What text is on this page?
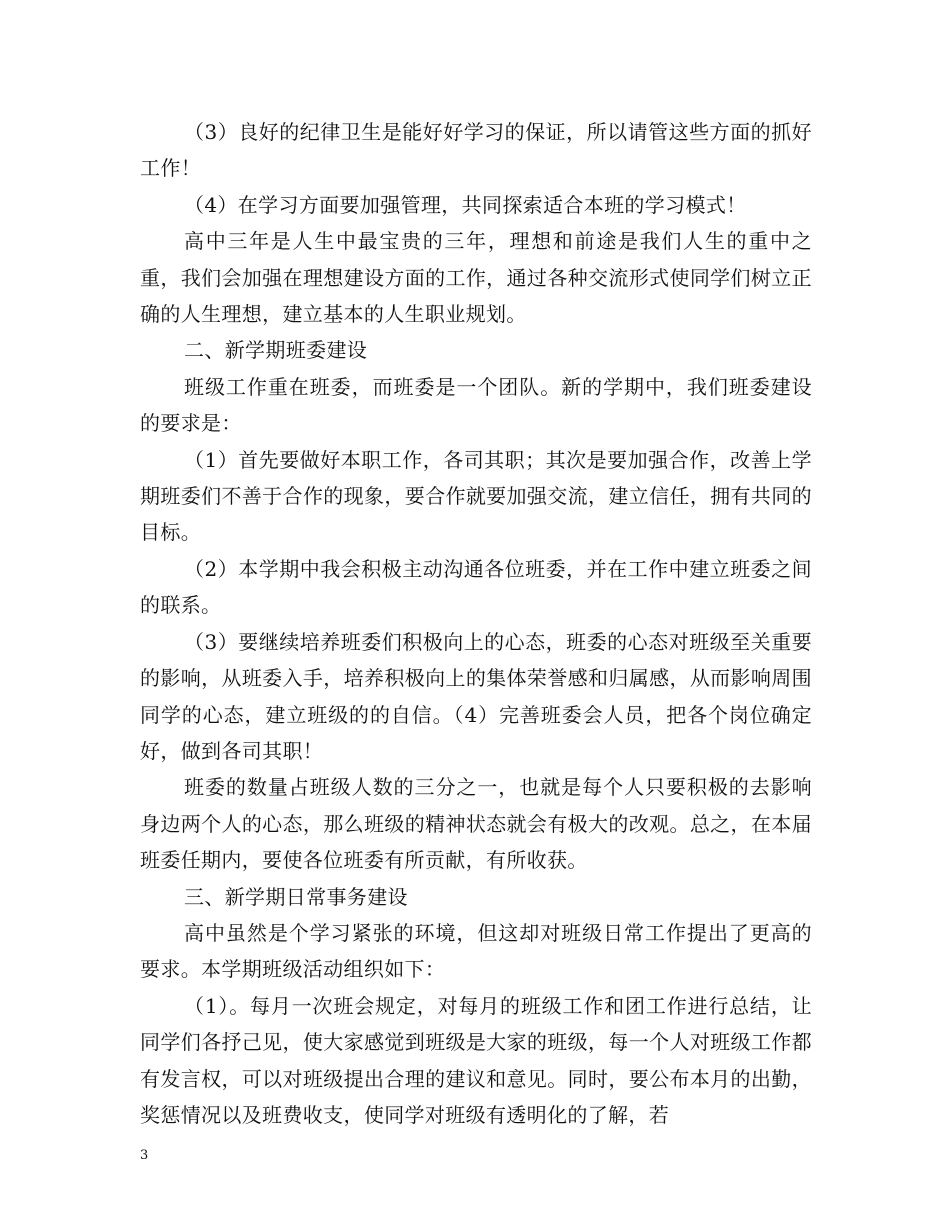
（3）良好的纪律卫生是能好好学习的保证，所以请管这些方面的抓好工作！

（4）在学习方面要加强管理，共同探索适合本班的学习模式！

高中三年是人生中最宝贵的三年，理想和前途是我们人生的重中之重，我们会加强在理想建设方面的工作，通过各种交流形式使同学们树立正确的人生理想，建立基本的人生职业规划。

二、新学期班委建设

班级工作重在班委，而班委是一个团队。新的学期中，我们班委建设的要求是：

（1）首先要做好本职工作，各司其职；其次是要加强合作，改善上学期班委们不善于合作的现象，要合作就要加强交流，建立信任，拥有共同的目标。

（2）本学期中我会积极主动沟通各位班委，并在工作中建立班委之间的联系。

（3）要继续培养班委们积极向上的心态，班委的心态对班级至关重要的影响，从班委入手，培养积极向上的集体荣誉感和归属感，从而影响周围同学的心态，建立班级的的自信。（4）完善班委会人员，把各个岗位确定好，做到各司其职！

班委的数量占班级人数的三分之一，也就是每个人只要积极的去影响身边两个人的心态，那么班级的精神状态就会有极大的改观。总之，在本届班委任期内，要使各位班委有所贡献，有所收获。

三、新学期日常事务建设

高中虽然是个学习紧张的环境，但这却对班级日常工作提出了更高的要求。本学期班级活动组织如下：

（1）。每月一次班会规定，对每月的班级工作和团工作进行总结，让同学们各抒己见，使大家感觉到班级是大家的班级，每一个人对班级工作都有发言权，可以对班级提出合理的建议和意见。同时，要公布本月的出勤，奖惩情况以及班费收支，使同学对班级有透明化的了解，若

3
